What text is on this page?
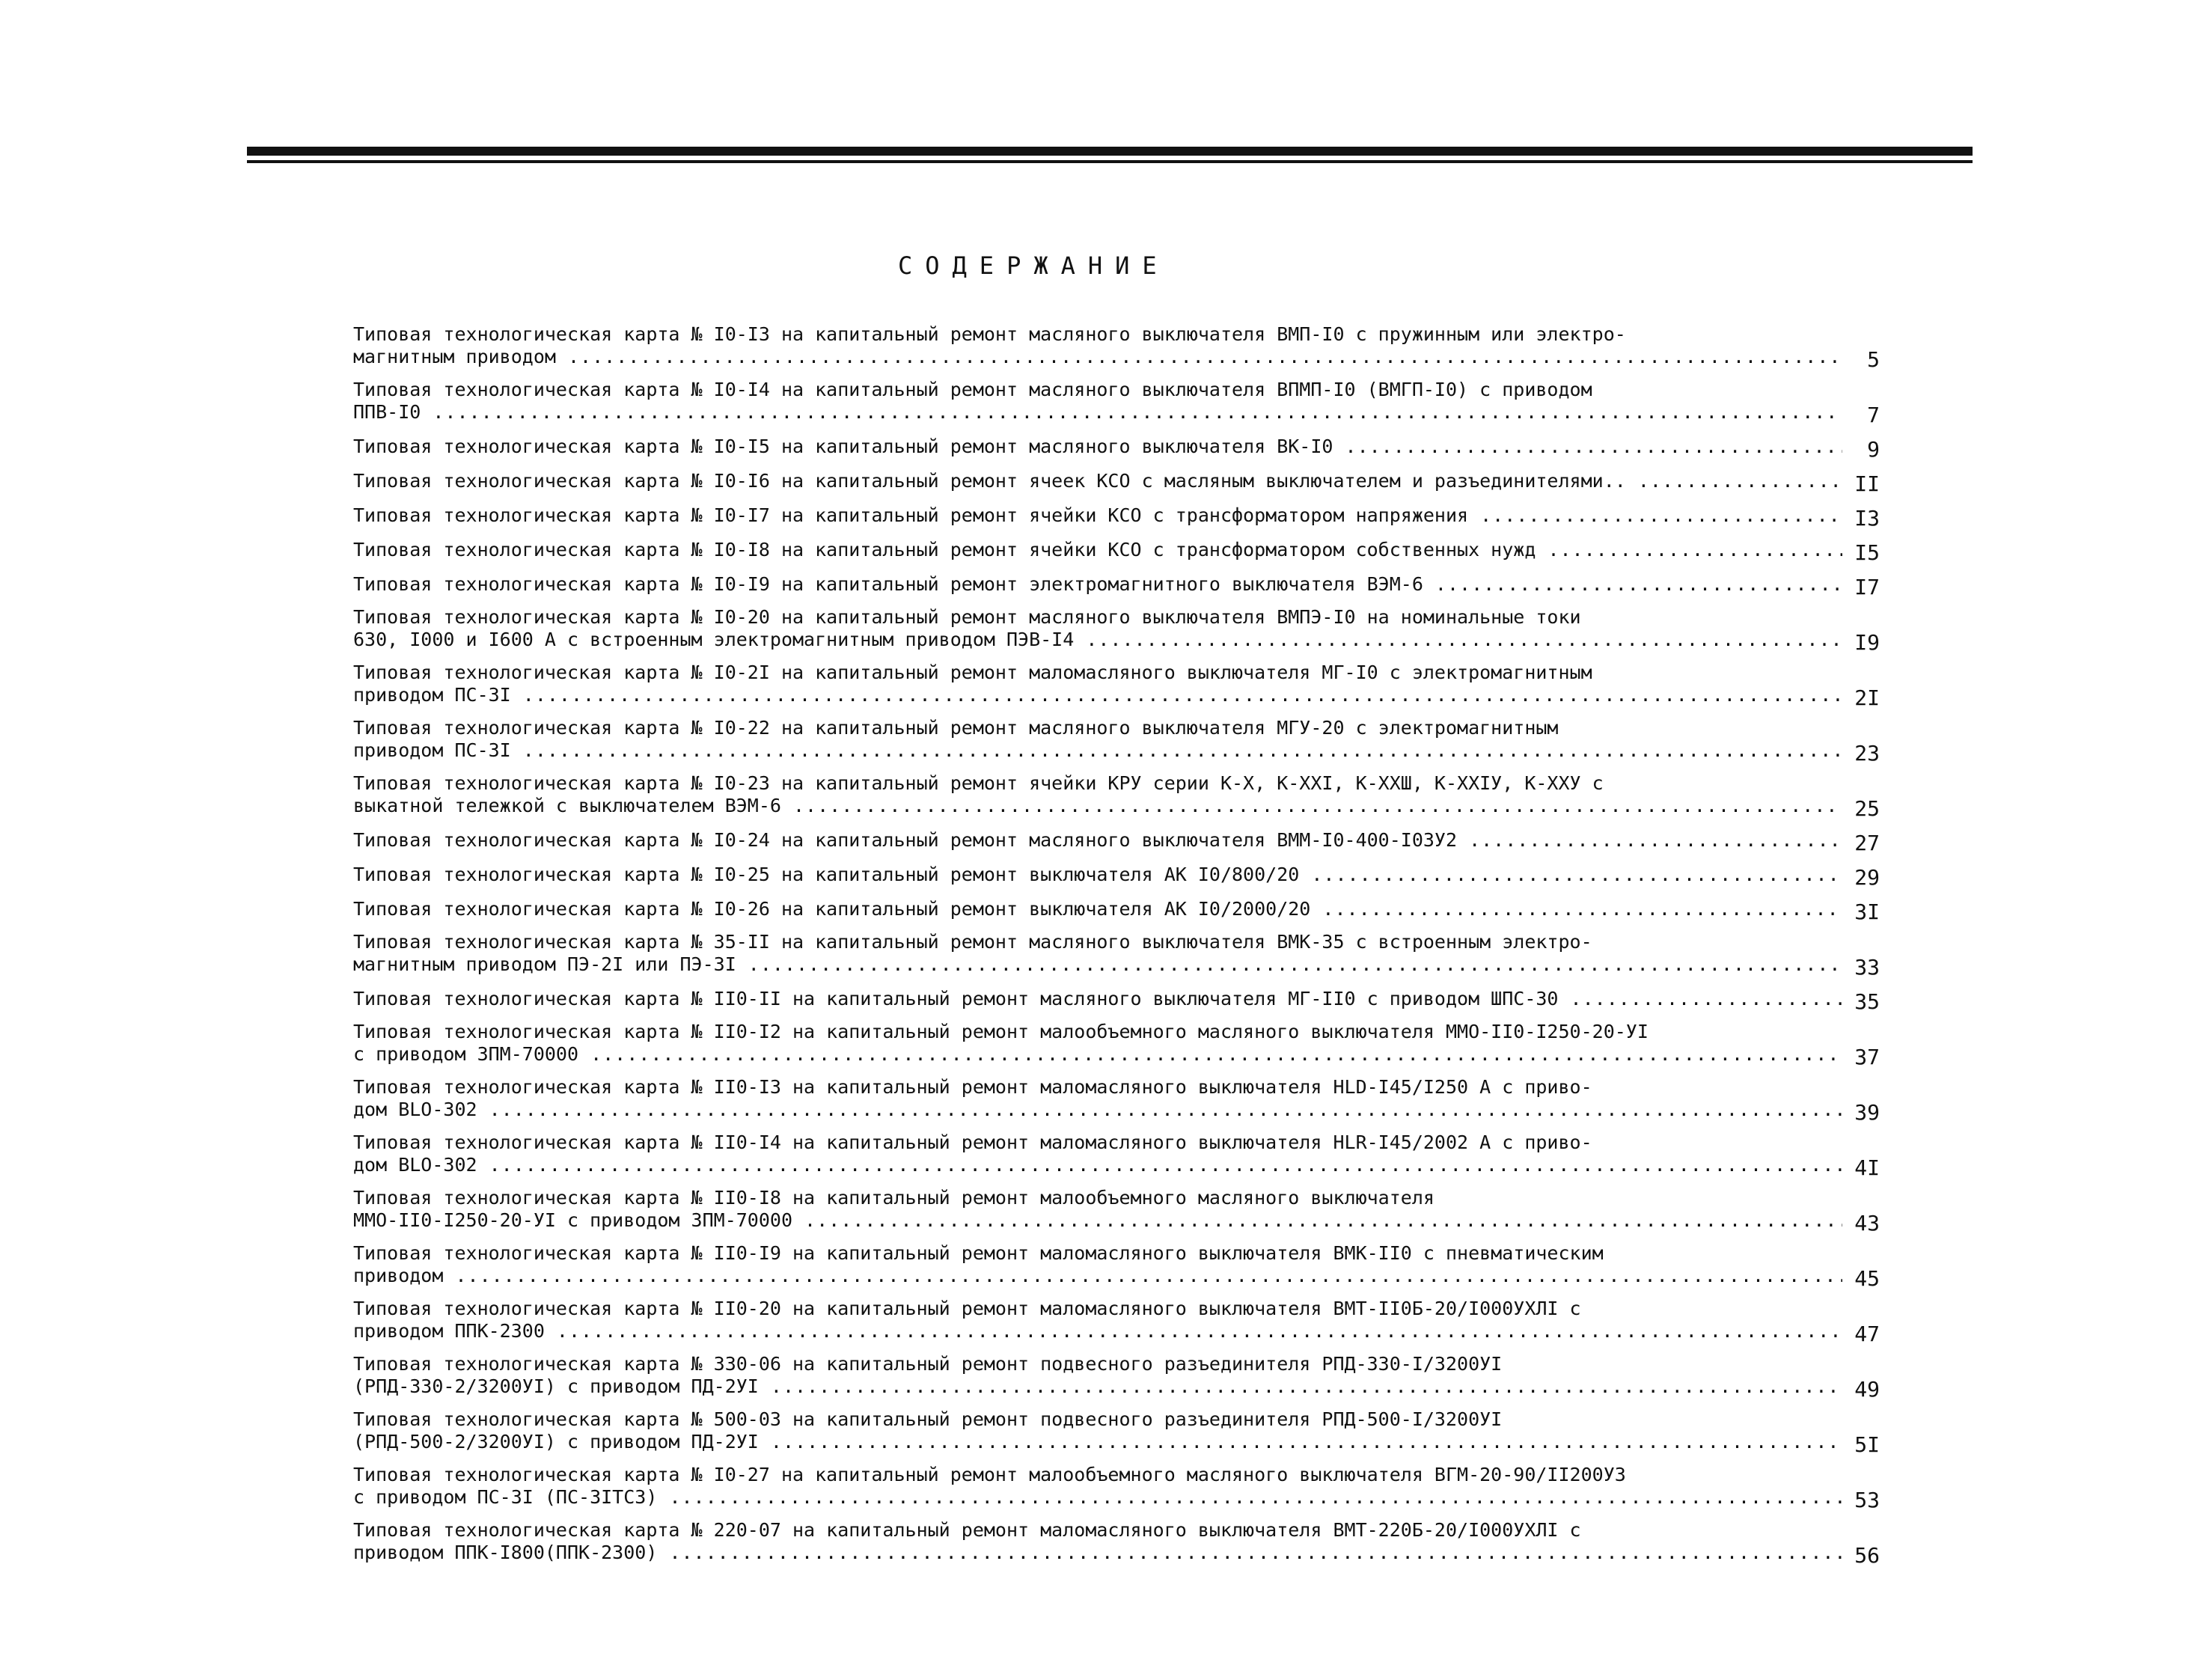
СОДЕРЖАНИЕ
Типовая технологическая карта № I0-I3 на капитальный ремонт масляного выключателя ВМП-I0 с пружинным или электро-
магнитным приводом .....	5
Типовая технологическая карта № I0-I4 на капитальный ремонт масляного выключателя ВПМП-I0 (ВМГП-I0) с приводом
ППВ-I0 .....	7
Типовая технологическая карта № I0-I5 на капитальный ремонт масляного выключателя ВК-I0 .....	9
Типовая технологическая карта № I0-I6 на капитальный ремонт ячеек КСО с масляным выключателем и разъединителями.. .....	II
Типовая технологическая карта № I0-I7 на капитальный ремонт ячейки КСО с трансформатором напряжения .....	I3
Типовая технологическая карта № I0-I8 на капитальный ремонт ячейки КСО с трансформатором собственных нужд .....	I5
Типовая технологическая карта № I0-I9 на капитальный ремонт электромагнитного выключателя ВЭМ-6 .....	I7
Типовая технологическая карта № I0-20 на капитальный ремонт масляного выключателя ВМПЭ-I0 на номинальные токи
630, I000 и I600 А с встроенным электромагнитным приводом ПЭВ-I4 .....	I9
Типовая технологическая карта № I0-2I на капитальный ремонт маломасляного выключателя МГ-I0 с электромагнитным
приводом ПС-3I .....	2I
Типовая технологическая карта № I0-22 на капитальный ремонт масляного выключателя МГУ-20 с электромагнитным
приводом ПС-3I .....	23
Типовая технологическая карта № I0-23 на капитальный ремонт ячейки КРУ серии К-Х, К-ХХI, К-ХХШ, К-ХХIУ, К-ХХУ с
выкатной тележкой с выключателем ВЭМ-6 .....	25
Типовая технологическая карта № I0-24 на капитальный ремонт масляного выключателя ВММ-I0-400-I0ЗУ2 .....	27
Типовая технологическая карта № I0-25 на капитальный ремонт выключателя АК I0/800/20 .....	29
Типовая технологическая карта № I0-26 на капитальный ремонт выключателя АК I0/2000/20 .....	3I
Типовая технологическая карта № 35-II на капитальный ремонт масляного выключателя ВМК-35 с встроенным электро-
магнитным приводом ПЭ-2I или ПЭ-3I .....	33
Типовая технологическая карта № II0-II на капитальный ремонт масляного выключателя МГ-II0 с приводом ШПС-30 .....	35
Типовая технологическая карта № II0-I2 на капитальный ремонт малообъемного масляного выключателя ММО-II0-I250-20-УI
с приводом ЗПМ-70000 .....	37
Типовая технологическая карта № II0-I3 на капитальный ремонт маломасляного выключателя HLD-I45/I250 А с приво-
дом BLO-302 .....	39
Типовая технологическая карта № II0-I4 на капитальный ремонт маломасляного выключателя HLR-I45/2002 А с приво-
дом BLO-302 .....	4I
Типовая технологическая карта № II0-I8 на капитальный ремонт малообъемного масляного выключателя
ММО-II0-I250-20-УI с приводом ЗПМ-70000 .....	43
Типовая технологическая карта № II0-I9 на капитальный ремонт маломасляного выключателя ВМК-II0 с пневматическим
приводом .....	45
Типовая технологическая карта № II0-20 на капитальный ремонт маломасляного выключателя ВМТ-II0Б-20/I000УХЛI с
приводом ППК-2300 .....	47
Типовая технологическая карта № 330-06 на капитальный ремонт подвесного разъединителя РПД-330-I/3200УI
(РПД-330-2/3200УI) с приводом ПД-2УI .....	49
Типовая технологическая карта № 500-03 на капитальный ремонт подвесного разъединителя РПД-500-I/3200УI
(РПД-500-2/3200УI) с приводом ПД-2УI .....	5I
Типовая технологическая карта № I0-27 на капитальный ремонт малообъемного масляного выключателя ВГМ-20-90/II200УЗ
с приводом ПС-3I (ПС-3IТСЗ) .....	53
Типовая технологическая карта № 220-07 на капитальный ремонт маломасляного выключателя ВМТ-220Б-20/I000УХЛI с
приводом ППК-I800(ППК-2300) .....	56
